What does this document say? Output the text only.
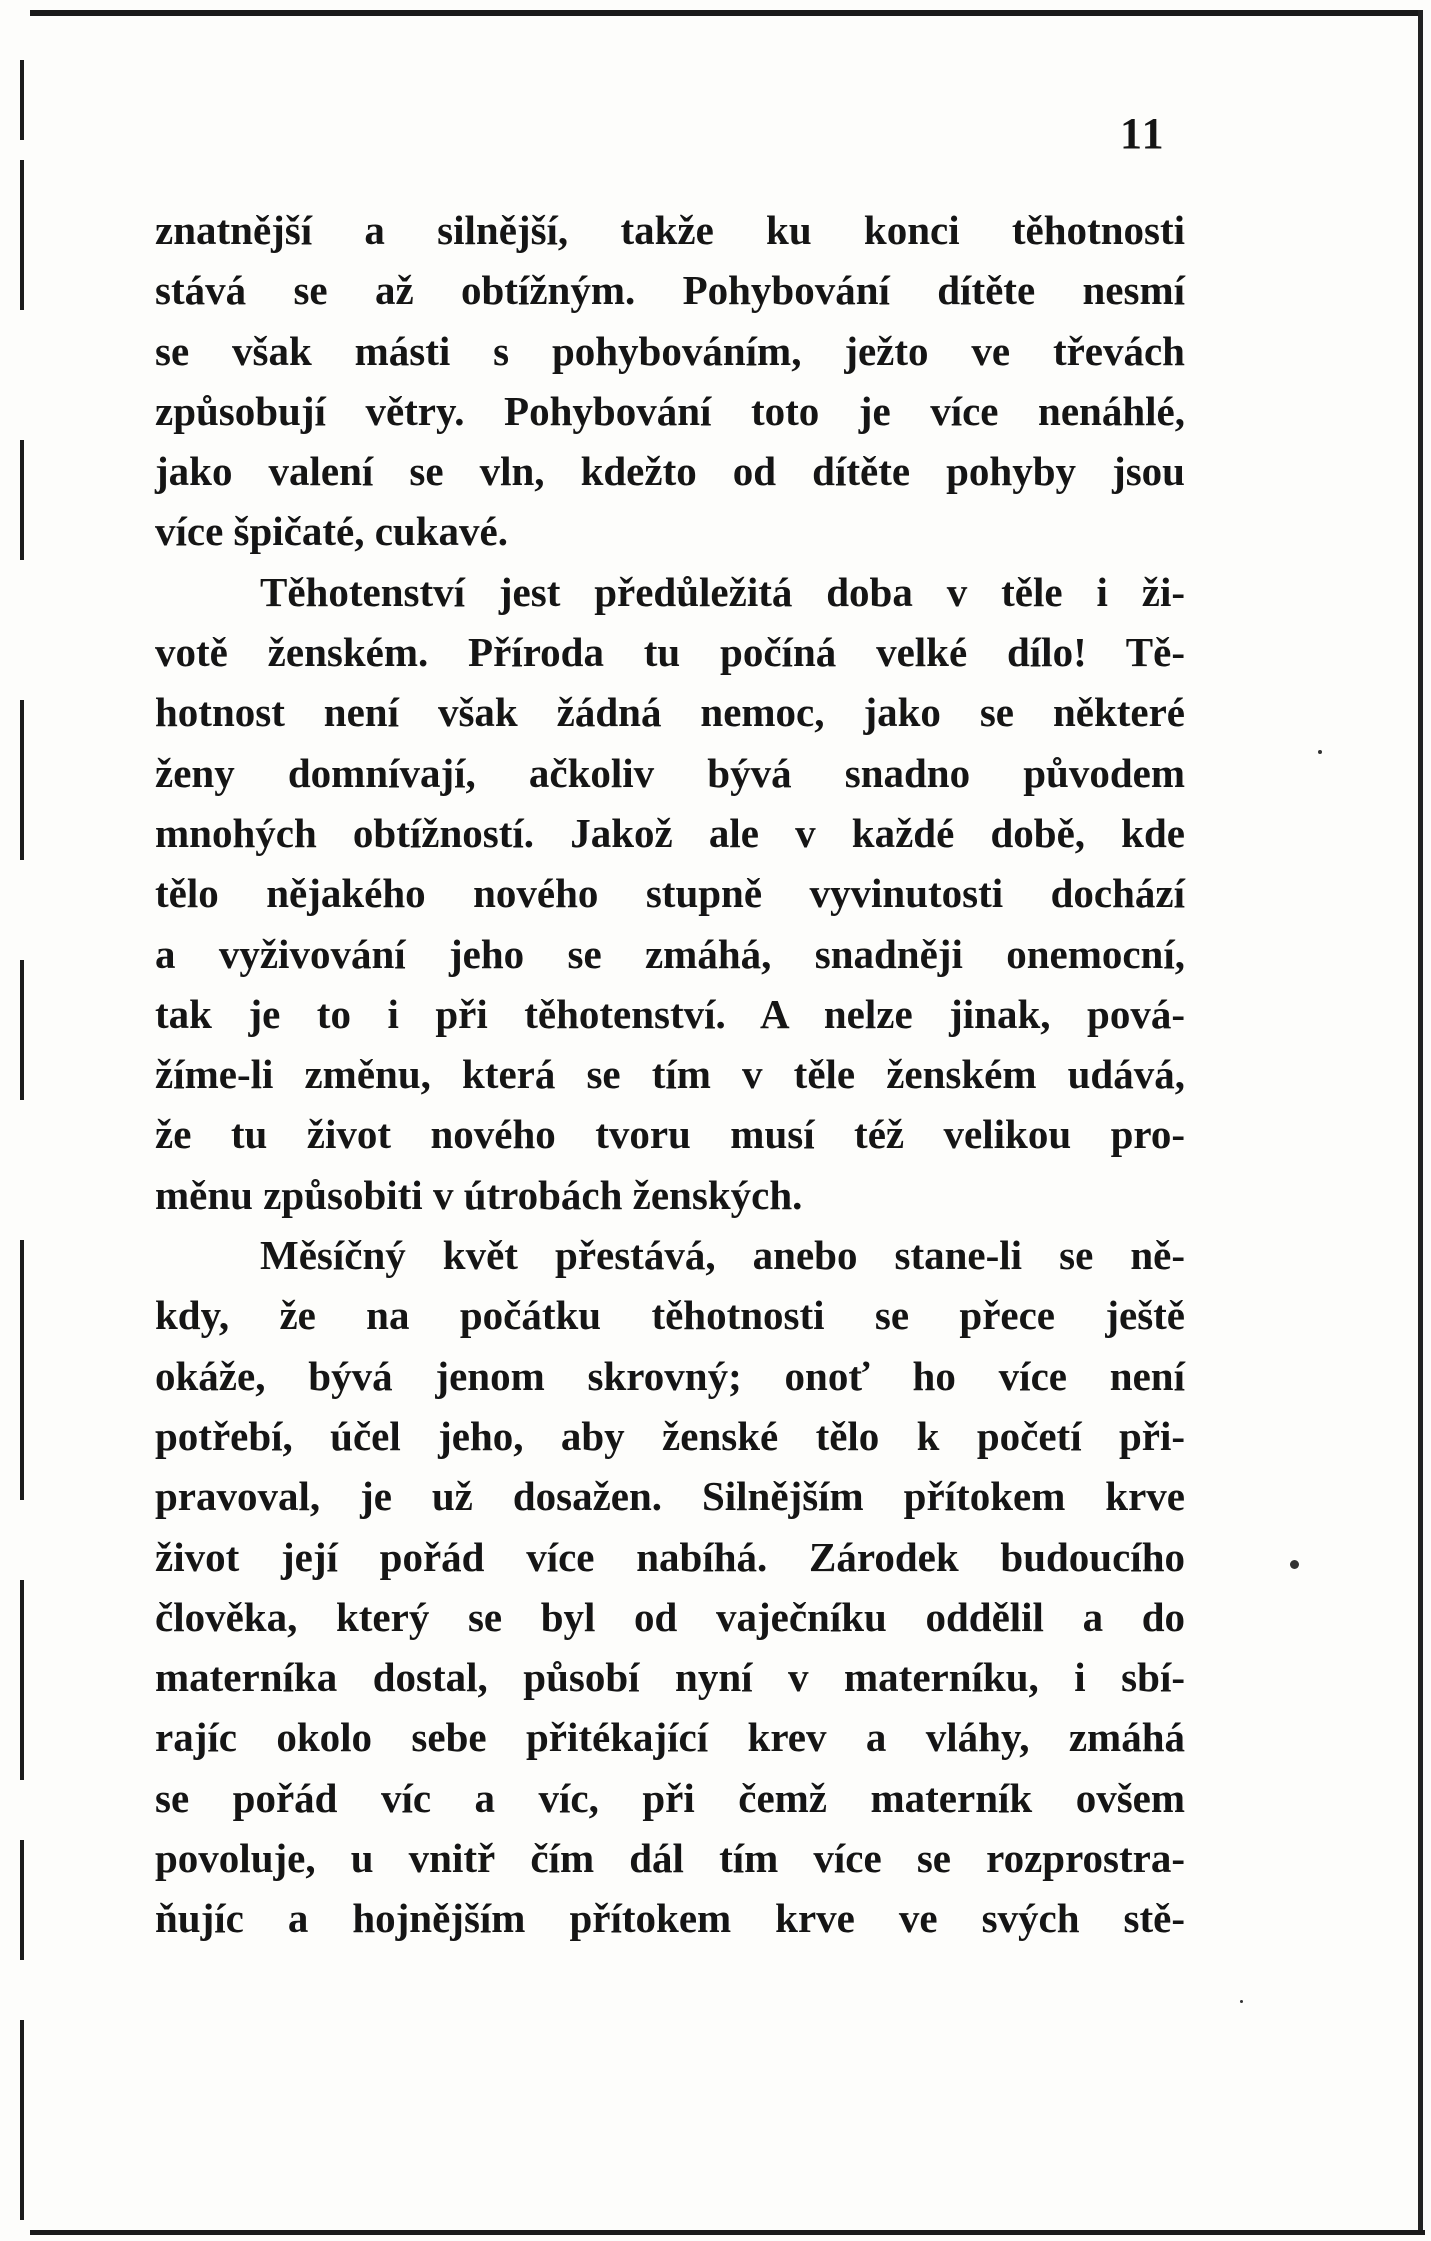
11
znatnější a silnější, takže ku konci těhotnosti
stává se až obtížným. Pohybování dítěte nesmí
se však másti s pohybováním, ježto ve třevách
způsobují větry. Pohybování toto je více nenáhlé,
jako valení se vln, kdežto od dítěte pohyby jsou
více špičaté, cukavé.
Těhotenství jest předůležitá doba v těle i ži-
votě ženském. Příroda tu počíná velké dílo! Tě-
hotnost není však žádná nemoc, jako se některé
ženy domnívají, ačkoliv bývá snadno původem
mnohých obtížností. Jakož ale v každé době, kde
tělo nějakého nového stupně vyvinutosti dochází
a vyživování jeho se zmáhá, snadněji onemocní,
tak je to i při těhotenství. A nelze jinak, pová-
žíme-li změnu, která se tím v těle ženském udává,
že tu život nového tvoru musí též velikou pro-
měnu způsobiti v útrobách ženských.
Měsíčný květ přestává, anebo stane-li se ně-
kdy, že na počátku těhotnosti se přece ještě
okáže, bývá jenom skrovný; onoť ho více není
potřebí, účel jeho, aby ženské tělo k početí při-
pravoval, je už dosažen. Silnějším přítokem krve
život její pořád více nabíhá. Zárodek budoucího
člověka, který se byl od vaječníku oddělil a do
materníka dostal, působí nyní v materníku, i sbí-
rajíc okolo sebe přitékající krev a vláhy, zmáhá
se pořád víc a víc, při čemž materník ovšem
povoluje, u vnitř čím dál tím více se rozprostra-
ňujíc a hojnějším přítokem krve ve svých stě-
